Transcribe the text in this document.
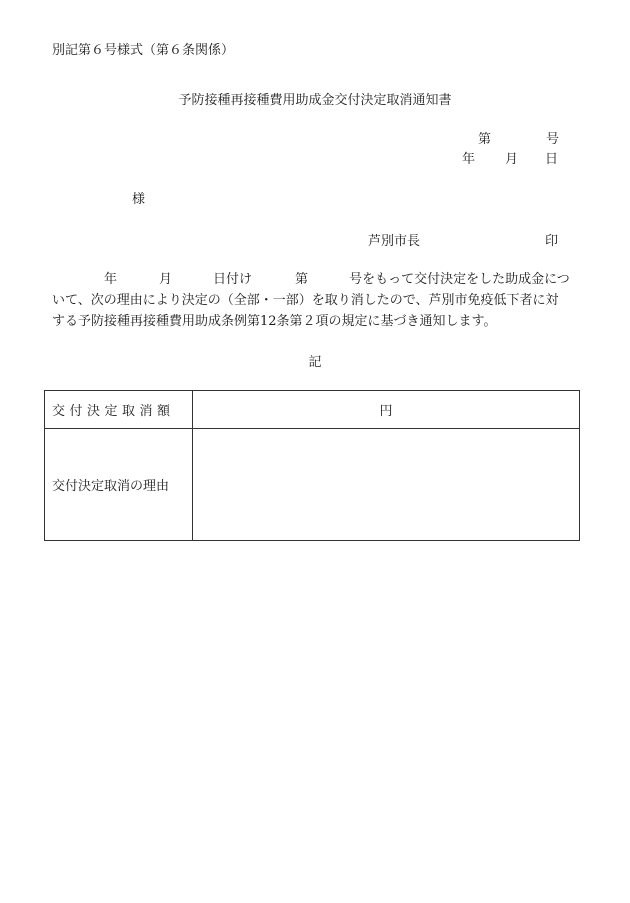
別記第６号様式（第６条関係）
予防接種再接種費用助成金交付決定取消通知書
第	号
年 月 日
様
芦別市長	印
年	月	日付け	第	号をもって交付決定をした助成金につ
いて、次の理由により決定の（全部・一部）を取り消したので、芦別市免疫低下者に対
する予防接種再接種費用助成条例第12条第２項の規定に基づき通知します。
記
交付決定取消額	円
交付決定取消の理由	
